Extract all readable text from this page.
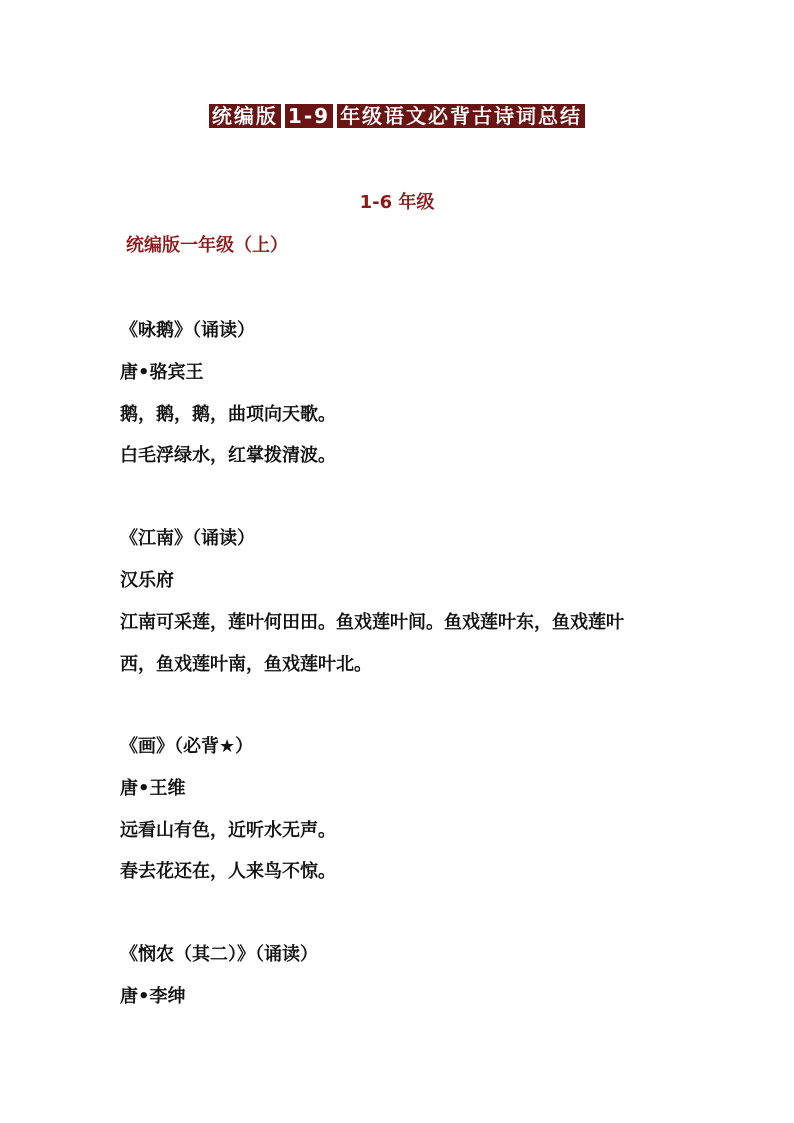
统编版 1-9 年级语文必背古诗词总结
1-6 年级
统编版一年级（上）
《咏鹅》（诵读）
唐•骆宾王
鹅，鹅，鹅，曲项向天歌。
白毛浮绿水，红掌拨清波。
《江南》（诵读）
汉乐府
江南可采莲，莲叶何田田。鱼戏莲叶间。鱼戏莲叶东，鱼戏莲叶
西，鱼戏莲叶南，鱼戏莲叶北。
《画》（必背★）
唐•王维
远看山有色，近听水无声。
春去花还在，人来鸟不惊。
《悯农（其二）》（诵读）
唐•李绅
